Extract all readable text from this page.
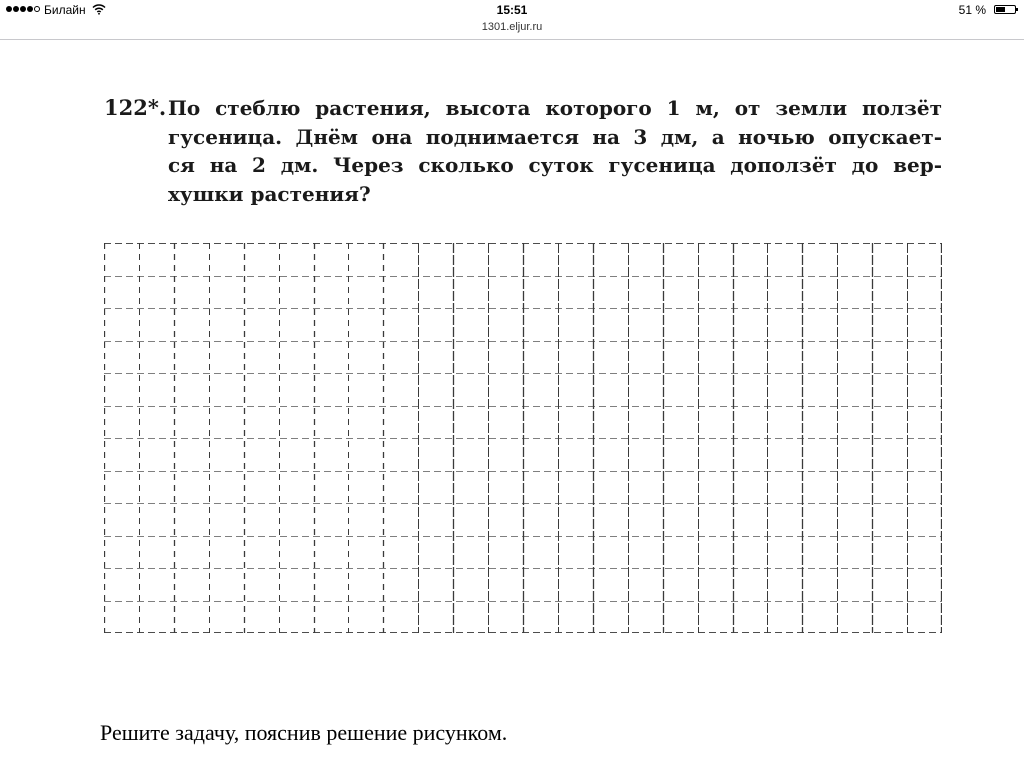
Билайн	15:51	51 %
1301.eljur.ru
122*. По стеблю растения, высота которого 1 м, от земли ползёт
гусеница. Днём она поднимается на 3 дм, а ночью опускает-
ся на 2 дм. Через сколько суток гусеница доползёт до вер-
хушки растения?
Решите задачу, пояснив решение рисунком.
